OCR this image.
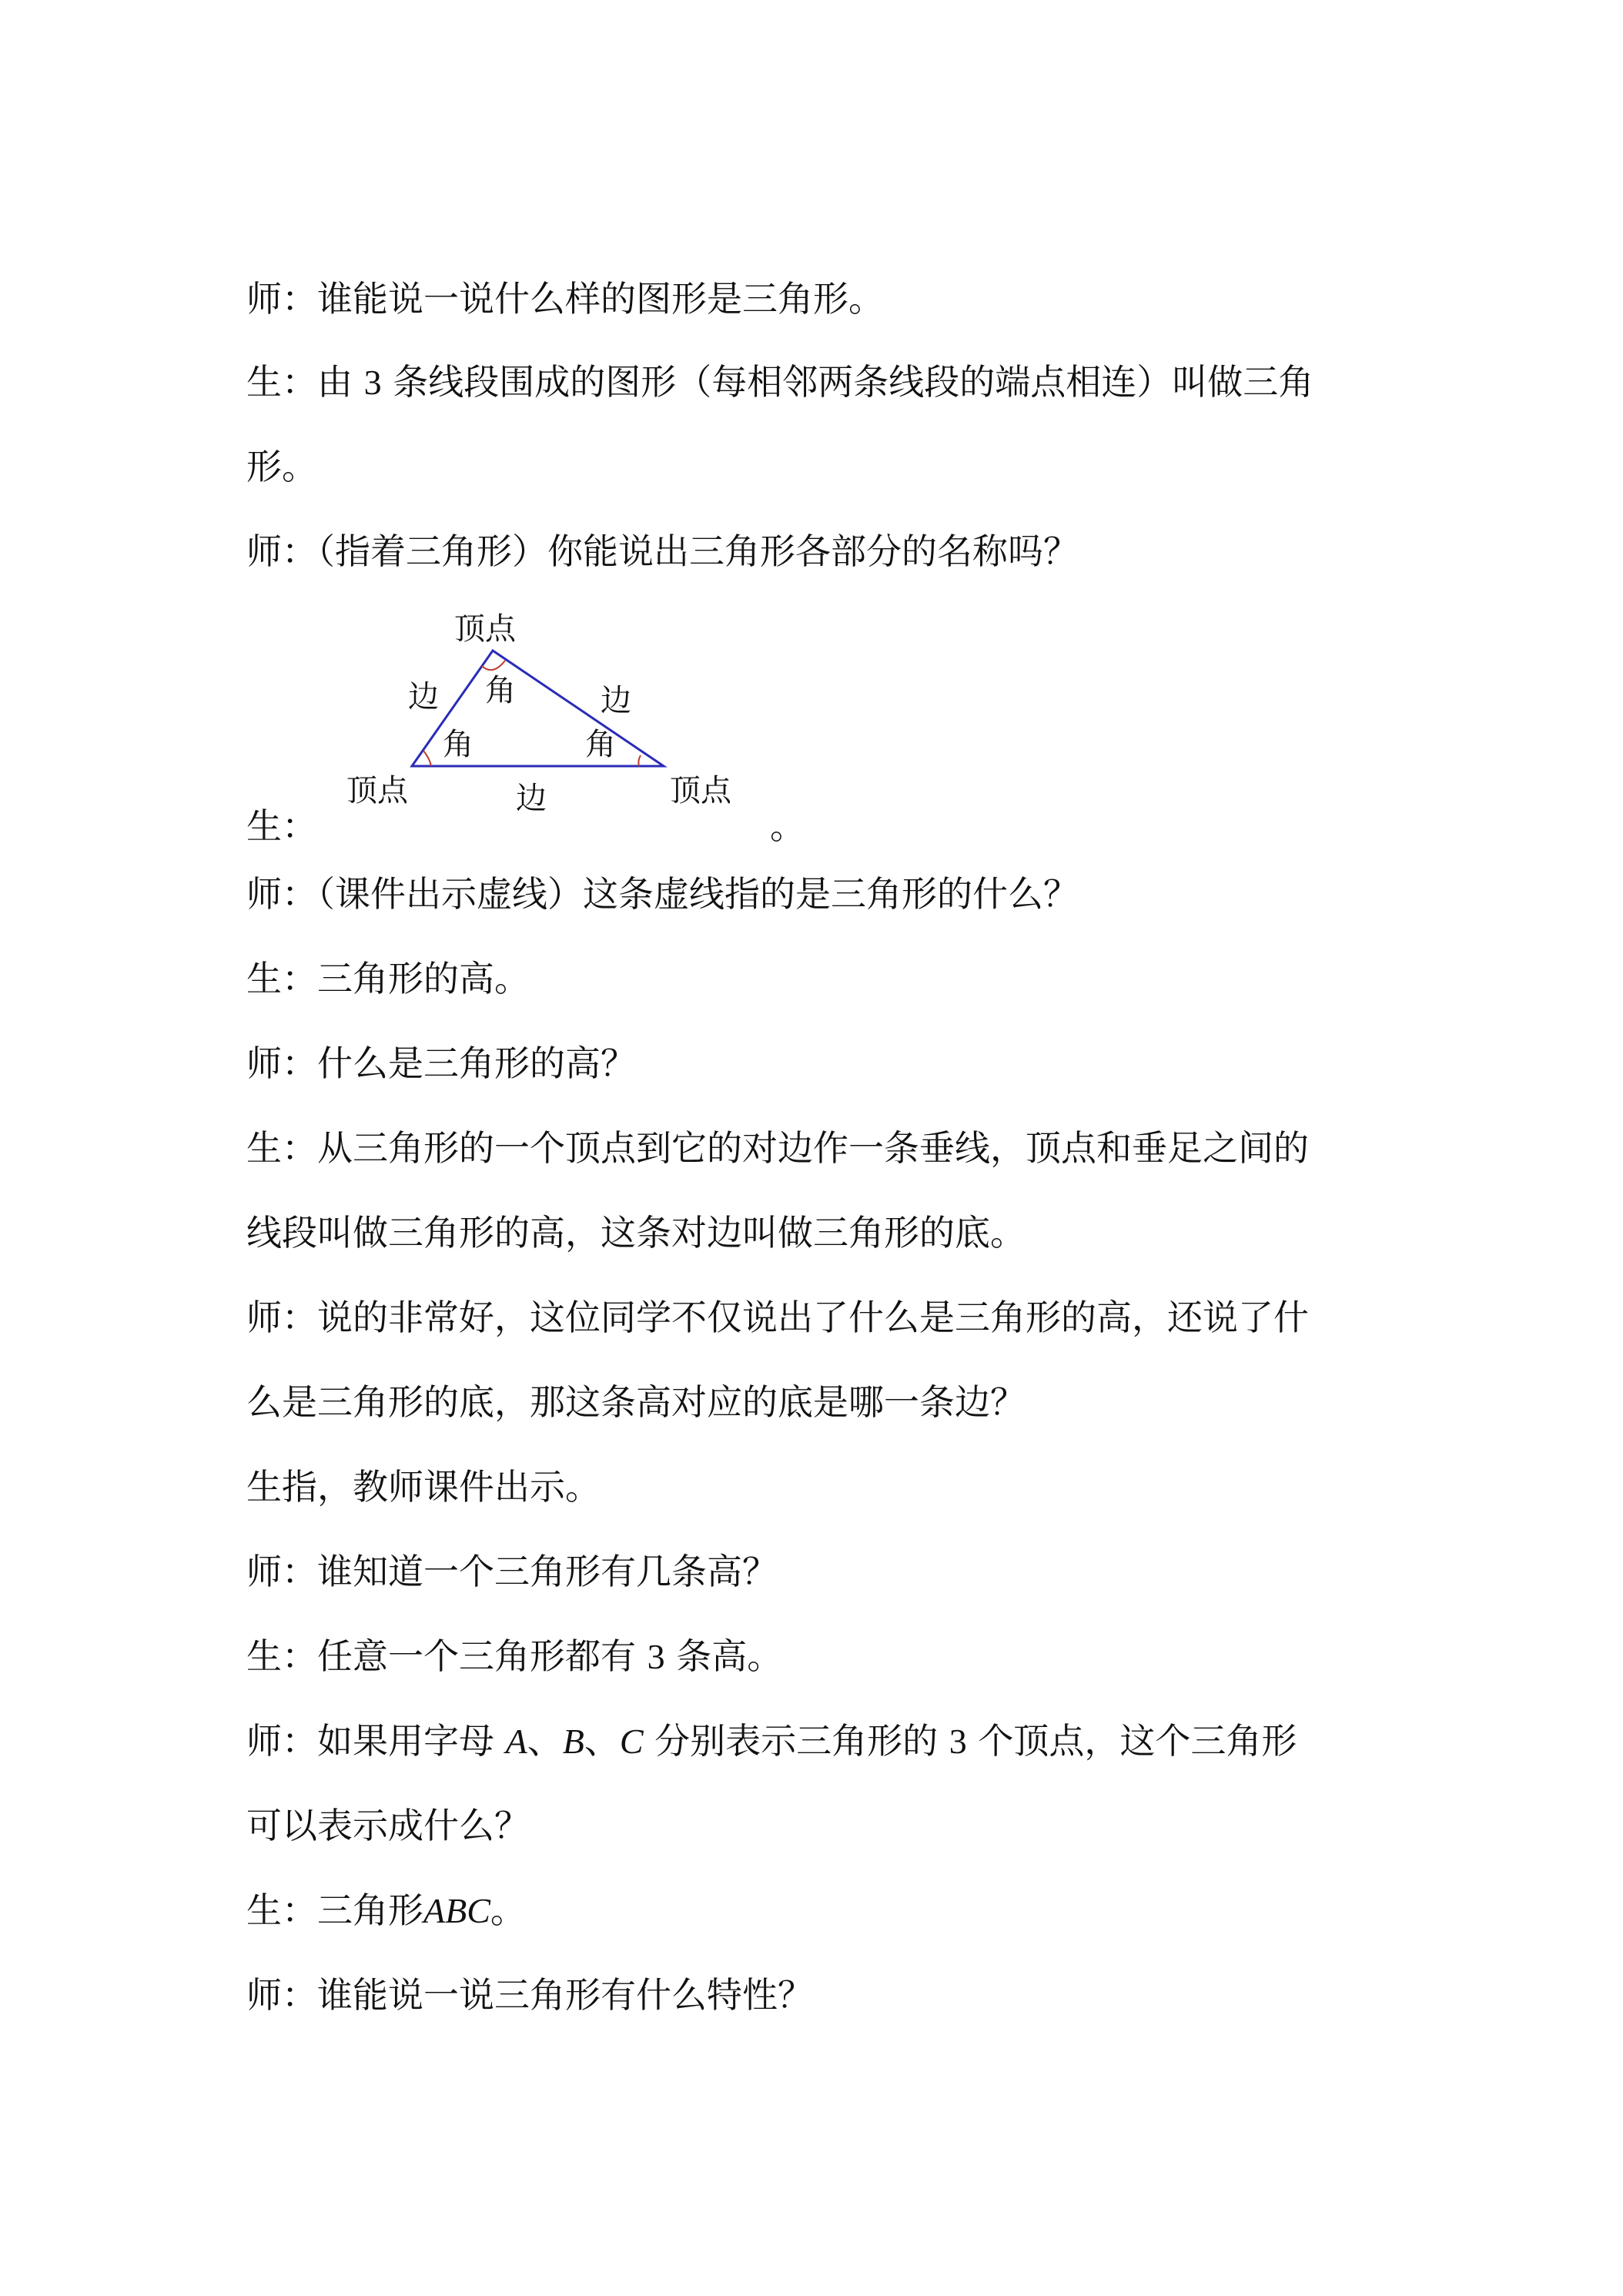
师：谁能说一说什么样的图形是三角形。
生：由 3 条线段围成的图形（每相邻两条线段的端点相连）叫做三角
形。
师：（指着三角形）你能说出三角形各部分的名称吗？
生：	。
顶点
角
边	边
角	角
顶点	边	顶点
师：（课件出示虚线）这条虚线指的是三角形的什么？
生：三角形的高。
师：什么是三角形的高？
生：从三角形的一个顶点到它的对边作一条垂线，顶点和垂足之间的
线段叫做三角形的高，这条对边叫做三角形的底。
师：说的非常好，这位同学不仅说出了什么是三角形的高，还说了什
么是三角形的底，那这条高对应的底是哪一条边？
生指，教师课件出示。
师：谁知道一个三角形有几条高？
生：任意一个三角形都有 3 条高。
师：如果用字母 A、B、C 分别表示三角形的 3 个顶点，这个三角形
可以表示成什么？
生：三角形ABC。
师：谁能说一说三角形有什么特性？
